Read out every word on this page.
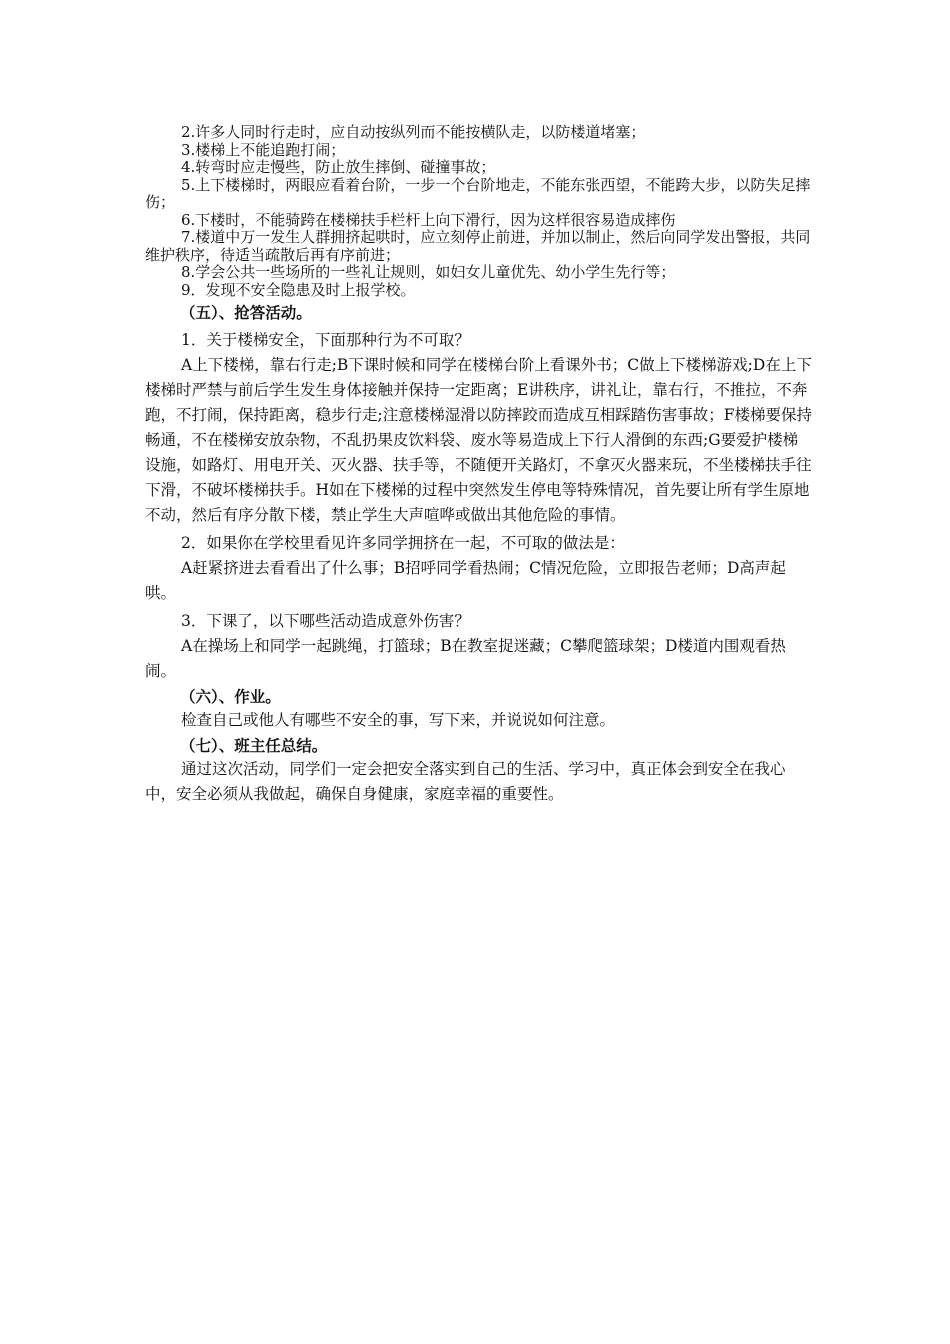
2.许多人同时行走时，应自动按纵列而不能按横队走，以防楼道堵塞；
3.楼梯上不能追跑打闹；
4.转弯时应走慢些，防止放生摔倒、碰撞事故；
5.上下楼梯时，两眼应看着台阶，一步一个台阶地走，不能东张西望，不能跨大步，以防失足摔伤；
6.下楼时，不能骑跨在楼梯扶手栏杆上向下滑行，因为这样很容易造成摔伤
7.楼道中万一发生人群拥挤起哄时，应立刻停止前进，并加以制止，然后向同学发出警报，共同维护秩序，待适当疏散后再有序前进；
8.学会公共一些场所的一些礼让规则，如妇女儿童优先、幼小学生先行等；
9．发现不安全隐患及时上报学校。
（五）、抢答活动。

1．关于楼梯安全，下面那种行为不可取？

A上下楼梯，靠右行走;B下课时候和同学在楼梯台阶上看课外书；C做上下楼梯游戏;D在上下楼梯时严禁与前后学生发生身体接触并保持一定距离；E讲秩序，讲礼让，靠右行，不推拉，不奔跑，不打闹，保持距离，稳步行走;注意楼梯湿滑以防摔跤而造成互相踩踏伤害事故；F楼梯要保持畅通，不在楼梯安放杂物，不乱扔果皮饮料袋、废水等易造成上下行人滑倒的东西;G要爱护楼梯设施，如路灯、用电开关、灭火器、扶手等，不随便开关路灯，不拿灭火器来玩，不坐楼梯扶手往下滑，不破坏楼梯扶手。H如在下楼梯的过程中突然发生停电等特殊情况，首先要让所有学生原地不动，然后有序分散下楼，禁止学生大声喧哗或做出其他危险的事情。

2．如果你在学校里看见许多同学拥挤在一起，不可取的做法是：

A赶紧挤进去看看出了什么事；B招呼同学看热闹；C情况危险，立即报告老师；D高声起哄。

3．下课了，以下哪些活动造成意外伤害？

A在操场上和同学一起跳绳，打篮球；B在教室捉迷藏；C攀爬篮球架；D楼道内围观看热闹。

（六）、作业。

检查自己或他人有哪些不安全的事，写下来，并说说如何注意。

（七）、班主任总结。

通过这次活动，同学们一定会把安全落实到自己的生活、学习中，真正体会到安全在我心中，安全必须从我做起，确保自身健康，家庭幸福的重要性。
